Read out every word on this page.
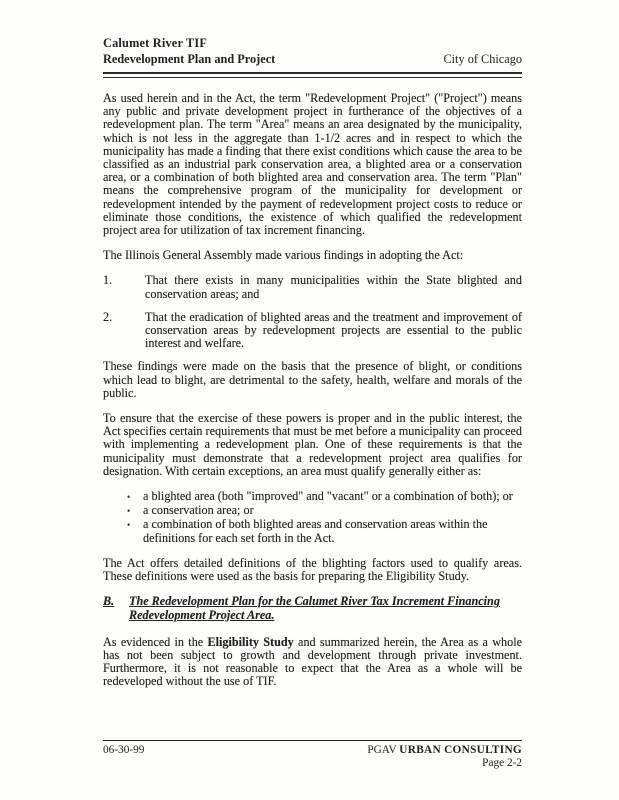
Calumet River TIF
Redevelopment Plan and Project	City of Chicago

As used herein and in the Act, the term "Redevelopment Project" ("Project") means any public and private development project in furtherance of the objectives of a redevelopment plan. The term "Area" means an area designated by the municipality, which is not less in the aggregate than 1-1/2 acres and in respect to which the municipality has made a finding that there exist conditions which cause the area to be classified as an industrial park conservation area, a blighted area or a conservation area, or a combination of both blighted area and conservation area. The term "Plan" means the comprehensive program of the municipality for development or redevelopment intended by the payment of redevelopment project costs to reduce or eliminate those conditions, the existence of which qualified the redevelopment project area for utilization of tax increment financing.

The Illinois General Assembly made various findings in adopting the Act:

1.	That there exists in many municipalities within the State blighted and conservation areas; and
2.	That the eradication of blighted areas and the treatment and improvement of conservation areas by redevelopment projects are essential to the public interest and welfare.

These findings were made on the basis that the presence of blight, or conditions which lead to blight, are detrimental to the safety, health, welfare and morals of the public.

To ensure that the exercise of these powers is proper and in the public interest, the Act specifies certain requirements that must be met before a municipality can proceed with implementing a redevelopment plan. One of these requirements is that the municipality must demonstrate that a redevelopment project area qualifies for designation. With certain exceptions, an area must qualify generally either as:

• a blighted area (both "improved" and "vacant" or a combination of both); or
• a conservation area; or
• a combination of both blighted areas and conservation areas within the definitions for each set forth in the Act.

The Act offers detailed definitions of the blighting factors used to qualify areas. These definitions were used as the basis for preparing the Eligibility Study.

B. The Redevelopment Plan for the Calumet River Tax Increment Financing Redevelopment Project Area.

As evidenced in the Eligibility Study and summarized herein, the Area as a whole has not been subject to growth and development through private investment. Furthermore, it is not reasonable to expect that the Area as a whole will be redeveloped without the use of TIF.

06-30-99	PGAV URBAN CONSULTING
Page 2-2
